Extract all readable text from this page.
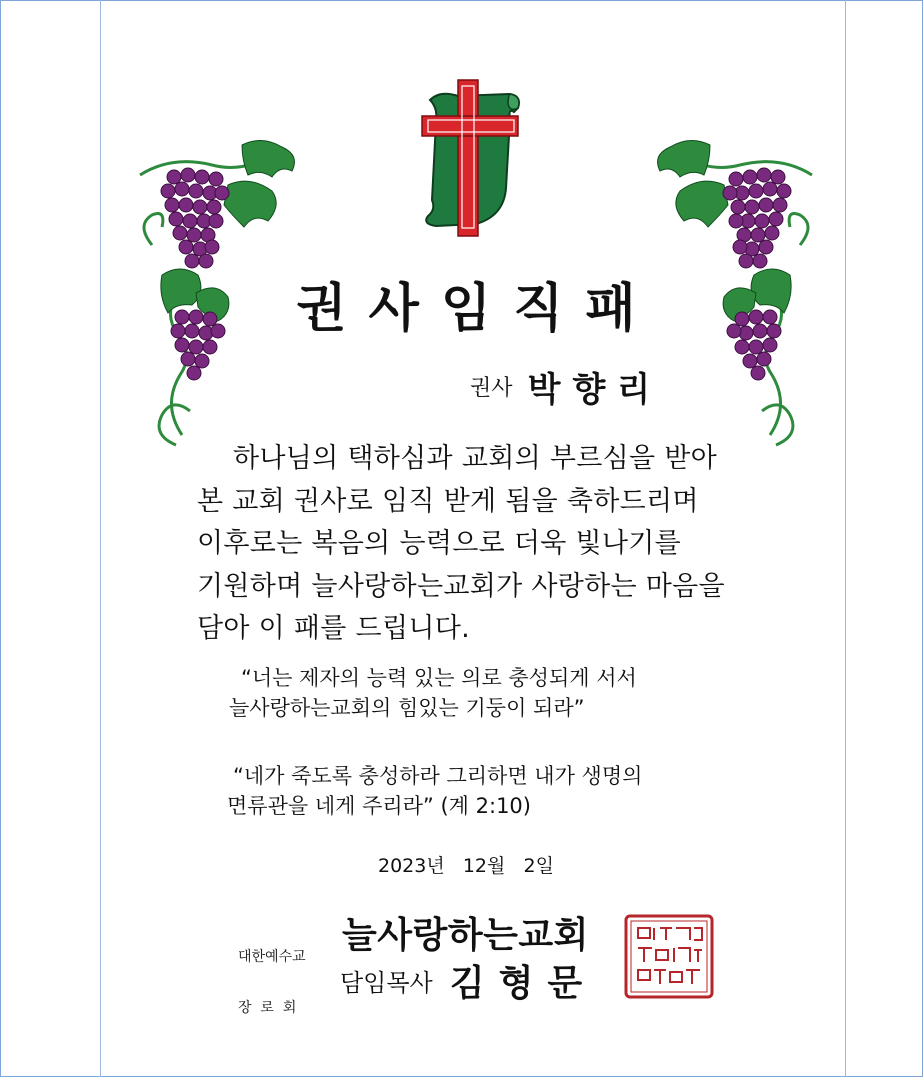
권사임직패
권사 박향리
하나님의 택하심과 교회의 부르심을 받아
본 교회 권사로 임직 받게 됨을 축하드리며
이후로는 복음의 능력으로 더욱 빛나기를
기원하며 늘사랑하는교회가 사랑하는 마음을
담아 이 패를 드립니다.
“너는 제자의 능력 있는 의로 충성되게 서서
늘사랑하는교회의 힘있는 기둥이 되라”
“네가 죽도록 충성하라 그리하면 내가 생명의
면류관을 네게 주리라” (계 2:10)
2023년   12월   2일

대한예수교

장  로  회

늘사랑하는교회
담임목사 김형문
